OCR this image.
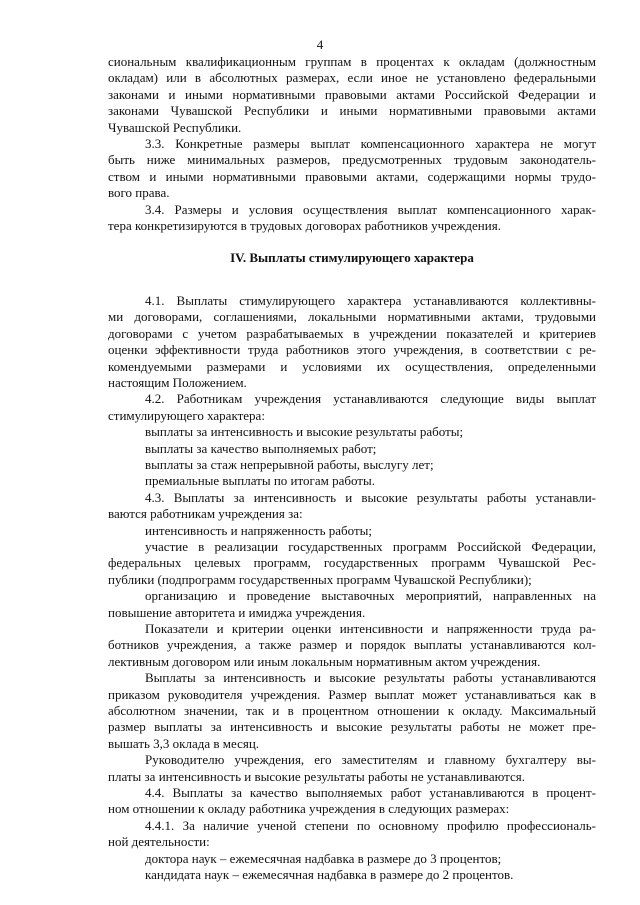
4

сиональным квалификационным группам в процентах к окладам (должностным

окладам) или в абсолютных размерах, если иное не установлено федеральными

законами и иными нормативными правовыми актами Российской Федерации и

законами Чувашской Республики и иными нормативными правовыми актами

Чувашской Республики.

3.3. Конкретные размеры выплат компенсационного характера не могут

быть ниже минимальных размеров, предусмотренных трудовым законодатель-

ством и иными нормативными правовыми актами, содержащими нормы трудо-

вого права.

3.4. Размеры и условия осуществления выплат компенсационного харак-

тера конкретизируются в трудовых договорах работников учреждения.

IV. Выплаты стимулирующего характера

4.1. Выплаты стимулирующего характера устанавливаются коллективны-

ми договорами, соглашениями, локальными нормативными актами, трудовыми

договорами с учетом разрабатываемых в учреждении показателей и критериев

оценки эффективности труда работников этого учреждения, в соответствии с ре-

комендуемыми размерами и условиями их осуществления, определенными

настоящим Положением.

4.2. Работникам учреждения устанавливаются следующие виды выплат

стимулирующего характера:

выплаты за интенсивность и высокие результаты работы;

выплаты за качество выполняемых работ;

выплаты за стаж непрерывной работы, выслугу лет;

премиальные выплаты по итогам работы.

4.3. Выплаты за интенсивность и высокие результаты работы устанавли-

ваются работникам учреждения за:

интенсивность и напряженность работы;

участие в реализации государственных программ Российской Федерации,

федеральных целевых программ, государственных программ Чувашской Рес-

публики (подпрограмм государственных программ Чувашской Республики);

организацию и проведение выставочных мероприятий, направленных на

повышение авторитета и имиджа учреждения.

Показатели и критерии оценки интенсивности и напряженности труда ра-

ботников учреждения, а также размер и порядок выплаты устанавливаются кол-

лективным договором или иным локальным нормативным актом учреждения.

Выплаты за интенсивность и высокие результаты работы устанавливаются

приказом руководителя учреждения. Размер выплат может устанавливаться как в

абсолютном значении, так и в процентном отношении к окладу. Максимальный

размер выплаты за интенсивность и высокие результаты работы не может пре-

вышать 3,3 оклада в месяц.

Руководителю учреждения, его заместителям и главному бухгалтеру вы-

платы за интенсивность и высокие результаты работы не устанавливаются.

4.4. Выплаты за качество выполняемых работ устанавливаются в процент-

ном отношении к окладу работника учреждения в следующих размерах:

4.4.1. За наличие ученой степени по основному профилю профессиональ-

ной деятельности:

доктора наук – ежемесячная надбавка в размере до 3 процентов;

кандидата наук – ежемесячная надбавка в размере до 2 процентов.
